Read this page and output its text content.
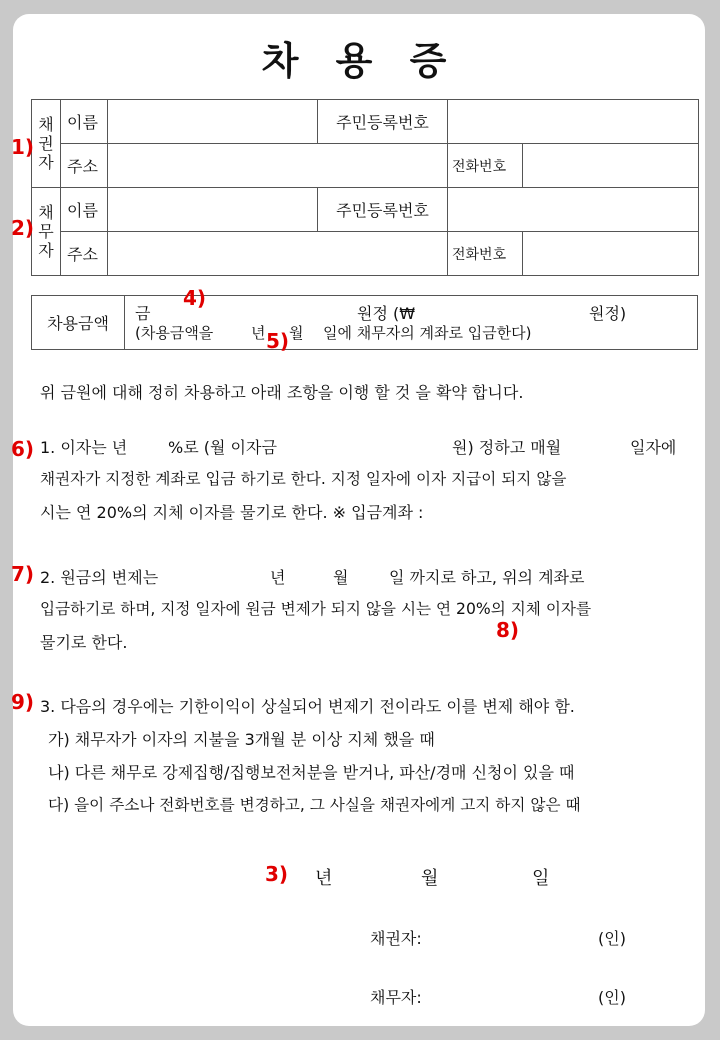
차 용 증
채권자	이름		주민등록번호		
	주소			전화번호	
채무자	이름		주민등록번호		
	주소			전화번호	
차용금액	
금	원정 (₩	원정)
(차용금액을	년 월 일에 채무자의 계좌로 입금한다)
위 금원에 대해 정히 차용하고 아래 조항을 이행 할 것 을 확약 합니다.
1. 이자는 년	%로 (월 이자금	원) 정하고 매월	일자에
채권자가 지정한 계좌로 입금 하기로 한다. 지정 일자에 이자 지급이 되지 않을
시는 연 20%의 지체 이자를 물기로 한다. ※ 입금계좌 :
2. 원금의 변제는	년	월	일 까지로 하고, 위의 계좌로
입금하기로 하며, 지정 일자에 원금 변제가 되지 않을 시는 연 20%의 지체 이자를
물기로 한다.
3. 다음의 경우에는 기한이익이 상실되어 변제기 전이라도 이를 변제 해야 함.
가) 채무자가 이자의 지불을 3개월 분 이상 지체 했을 때
나) 다른 채무로 강제집행/집행보전처분을 받거나, 파산/경매 신청이 있을 때
다) 을이 주소나 전화번호를 변경하고, 그 사실을 채권자에게 고지 하지 않은 때
년	월	일
채권자:	(인)
채무자:	(인)
1)
2)
3)
4)
5)
6)
7)
8)
9)
